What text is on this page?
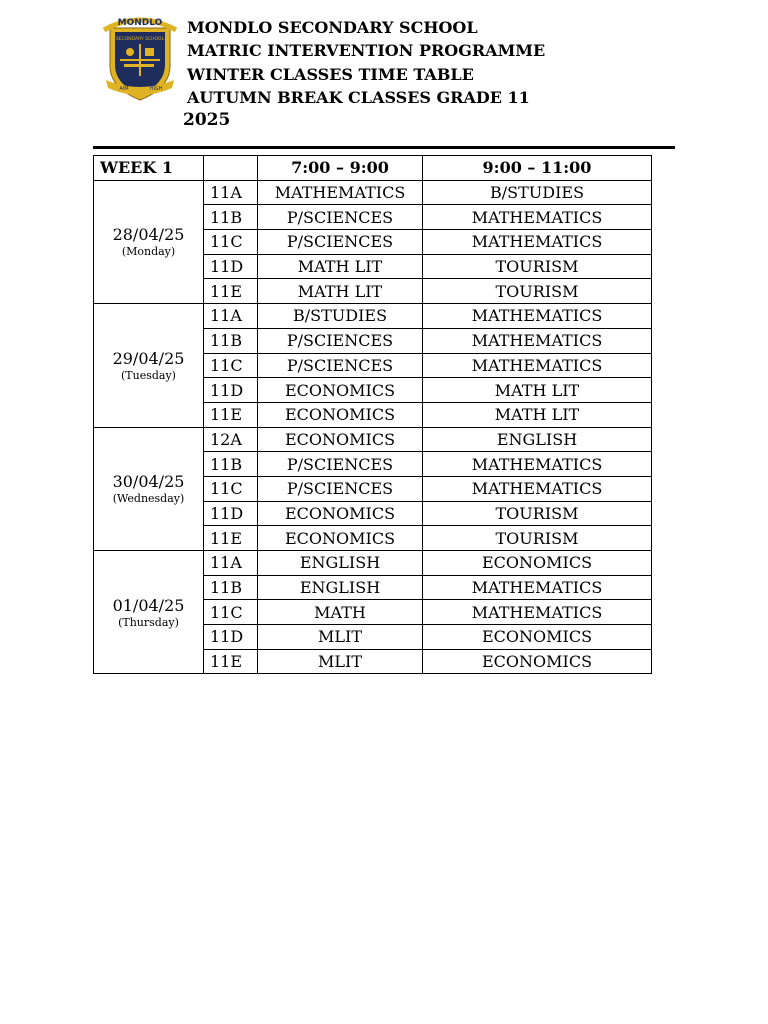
MONDLO
SECONDARY SCHOOL
AIM	HIGH
MONDLO SECONDARY SCHOOL
MATRIC INTERVENTION PROGRAMME
WINTER CLASSES TIME TABLE
AUTUMN BREAK CLASSES GRADE 11
2025
WEEK 1		7:00 – 9:00	9:00 – 11:00

28/04/25
(Monday)	11A	MATHEMATICS	B/STUDIES
	11B	P/SCIENCES	MATHEMATICS
	11C	P/SCIENCES	MATHEMATICS
	11D	MATH LIT	TOURISM
	11E	MATH LIT	TOURISM

29/04/25
(Tuesday)	11A	B/STUDIES	MATHEMATICS
	11B	P/SCIENCES	MATHEMATICS
	11C	P/SCIENCES	MATHEMATICS
	11D	ECONOMICS	MATH LIT
	11E	ECONOMICS	MATH LIT

30/04/25
(Wednesday)	12A	ECONOMICS	ENGLISH
	11B	P/SCIENCES	MATHEMATICS
	11C	P/SCIENCES	MATHEMATICS
	11D	ECONOMICS	TOURISM
	11E	ECONOMICS	TOURISM

01/04/25
(Thursday)	11A	ENGLISH	ECONOMICS
	11B	ENGLISH	MATHEMATICS
	11C	MATH	MATHEMATICS
	11D	MLIT	ECONOMICS
	11E	MLIT	ECONOMICS
